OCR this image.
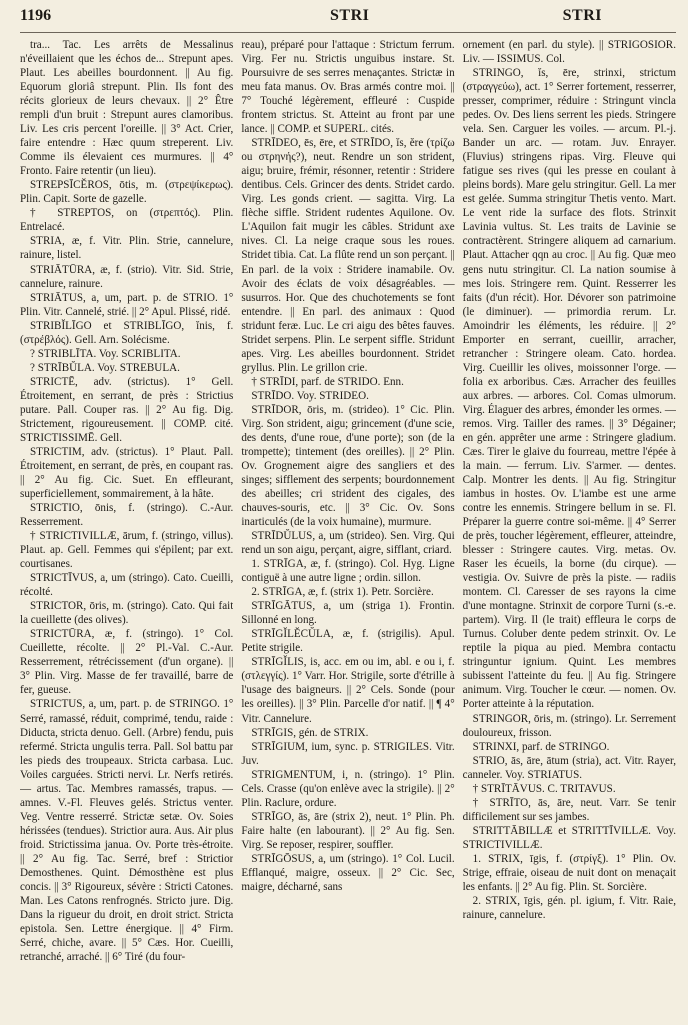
1196	STRI	STRI

tra... Tac. Les arrêts de Messalinus n'éveillaient que les échos de... Strepunt apes. Plaut. Les abeilles bourdonnent. || Au fig. Equorum gloriâ strepunt. Plin. Ils font des récits glorieux de leurs chevaux. || 2° Être rempli d'un bruit : Strepunt aures clamoribus. Liv. Les cris percent l'oreille. || 3° Act. Crier, faire entendre : Hæc quum streperent. Liv. Comme ils élevaient ces murmures. || 4° Fronto. Faire retentir (un lieu).

STREPSĪCĔROS, ōtis, m. (στρεψίκερως). Plin. Capit. Sorte de gazelle.

† STREPTOS, on (στρεπτός). Plin. Entrelacé.

STRIA, æ, f. Vitr. Plin. Strie, cannelure, rainure, listel.

STRIĀTŪRA, æ, f. (strio). Vitr. Sid. Strie, cannelure, rainure.

STRIĀTUS, a, um, part. p. de STRIO. 1° Plin. Vitr. Cannelé, strié. || 2° Apul. Plissé, ridé.

STRIBĬLĪGO et STRIBLĪGO, ĭnis, f. (στρέβλός). Gell. Arn. Solécisme.

? STRIBLĪTA. Voy. SCRIBLITA.

? STRĪBŬLA. Voy. STREBULA.

STRICTĒ, adv. (strictus). 1° Gell. Étroitement, en serrant, de près : Strictius putare. Pall. Couper ras. || 2° Au fig. Dig. Strictement, rigoureusement. || COMP. cité. STRICTISSIMĒ. Gell.

STRICTIM, adv. (strictus). 1° Plaut. Pall. Étroitement, en serrant, de près, en coupant ras. || 2° Au fig. Cic. Suet. En effleurant, superficiellement, sommairement, à la hâte.

STRICTIO, ōnis, f. (stringo). C.-Aur. Resserrement.

† STRICTIVILLÆ, ārum, f. (stringo, villus). Plaut. ap. Gell. Femmes qui s'épilent; par ext. courtisanes.

STRICTĪVUS, a, um (stringo). Cato. Cueilli, récolté.

STRICTOR, ōris, m. (stringo). Cato. Qui fait la cueillette (des olives).

STRICTŪRA, æ, f. (stringo). 1° Col. Cueillette, récolte. || 2° Pl.-Val. C.-Aur. Resserrement, rétrécissement (d'un organe). || 3° Plin. Virg. Masse de fer travaillé, barre de fer, gueuse.

STRICTUS, a, um, part. p. de STRINGO. 1° Serré, ramassé, réduit, comprimé, tendu, raide : Diducta, stricta denuo. Gell. (Arbre) fendu, puis refermé. Stricta ungulis terra. Pall. Sol battu par les pieds des troupeaux. Stricta carbasa. Luc. Voiles carguées. Stricti nervi. Lr. Nerfs retirés. — artus. Tac. Membres ramassés, trapus. — amnes. V.-Fl. Fleuves gelés. Strictus venter. Veg. Ventre resserré. Strictæ setæ. Ov. Soies hérissées (tendues). Strictior aura. Aus. Air plus froid. Strictissima janua. Ov. Porte très-étroite. || 2° Au fig. Tac. Serré, bref : Strictior Demosthenes. Quint. Démosthène est plus concis. || 3° Rigoureux, sévère : Stricti Catones. Man. Les Catons renfrognés. Stricto jure. Dig. Dans la rigueur du droit, en droit strict. Stricta epistola. Sen. Lettre énergique. || 4° Firm. Serré, chiche, avare. || 5° Cæs. Hor. Cueilli, retranché, arraché. || 6° Tiré (du four-

reau), préparé pour l'attaque : Strictum ferrum. Virg. Fer nu. Strictis unguibus instare. St. Poursuivre de ses serres menaçantes. Strictæ in meu fata manus. Ov. Bras armés contre moi. || 7° Touché légèrement, effleuré : Cuspide frontem strictus. St. Atteint au front par une lance. || COMP. et SUPERL. cités.

STRĪDEO, ēs, ēre, et STRĪDO, ĭs, ĕre (τρίζω ou στρηνής?), neut. Rendre un son strident, aigu; bruire, frémir, résonner, retentir : Stridere dentibus. Cels. Grincer des dents. Stridet cardo. Virg. Les gonds crient. — sagitta. Virg. La flèche siffle. Strident rudentes Aquilone. Ov. L'Aquilon fait mugir les câbles. Stridunt axe nives. Cl. La neige craque sous les roues. Stridet tibia. Cat. La flûte rend un son perçant. || En parl. de la voix : Stridere inamabile. Ov. Avoir des éclats de voix désagréables. — susurros. Hor. Que des chuchotements se font entendre. || En parl. des animaux : Quod stridunt feræ. Luc. Le cri aigu des bêtes fauves. Stridet serpens. Plin. Le serpent siffle. Stridunt apes. Virg. Les abeilles bourdonnent. Stridet gryllus. Plin. Le grillon crie.

† STRĪDI, parf. de STRIDO. Enn.

STRĪDO. Voy. STRIDEO.

STRĪDOR, ōris, m. (strideo). 1° Cic. Plin. Virg. Son strident, aigu; grincement (d'une scie, des dents, d'une roue, d'une porte); son (de la trompette); tintement (des oreilles). || 2° Plin. Ov. Grognement aigre des sangliers et des singes; sifflement des serpents; bourdonnement des abeilles; cri strident des cigales, des chauves-souris, etc. || 3° Cic. Ov. Sons inarticulés (de la voix humaine), murmure.

STRĪDŬLUS, a, um (strideo). Sen. Virg. Qui rend un son aigu, perçant, aigre, sifflant, criard.

1. STRĪGA, æ, f. (stringo). Col. Hyg. Ligne contiguë à une autre ligne ; ordin. sillon.

2. STRĪGA, æ, f. (strix 1). Petr. Sorcière.

STRĪGĀTUS, a, um (striga 1). Frontin. Sillonné en long.

STRĪGĬLĔCŬLA, æ, f. (strigilis). Apul. Petite strigile.

STRĪGĬLIS, is, acc. em ou im, abl. e ou i, f. (στλεγγίς). 1° Varr. Hor. Strigile, sorte d'étrille à l'usage des baigneurs. || 2° Cels. Sonde (pour les oreilles). || 3° Plin. Parcelle d'or natif. || ¶ 4° Vitr. Cannelure.

STRĪGIS, gén. de STRIX.

STRĪGIUM, ium, sync. p. STRIGILES. Vitr. Juv.

STRIGMENTUM, i, n. (stringo). 1° Plin. Cels. Crasse (qu'on enlève avec la strigile). || 2° Plin. Raclure, ordure.

STRĪGO, ās, āre (strix 2), neut. 1° Plin. Ph. Faire halte (en labourant). || 2° Au fig. Sen. Virg. Se reposer, respirer, souffler.

STRĪGŌSUS, a, um (stringo). 1° Col. Lucil. Efflanqué, maigre, osseux. || 2° Cic. Sec, maigre, décharné, sans

ornement (en parl. du style). || STRIGOSIOR. Liv. — ISSIMUS. Col.

STRINGO, ĭs, ēre, strinxi, strictum (στραγγεύω), act. 1° Serrer fortement, resserrer, presser, comprimer, réduire : Stringunt vincla pedes. Ov. Des liens serrent les pieds. Stringere vela. Sen. Carguer les voiles. — arcum. Pl.-j. Bander un arc. — rotam. Juv. Enrayer. (Fluvius) stringens ripas. Virg. Fleuve qui fatigue ses rives (qui les presse en coulant à pleins bords). Mare gelu stringitur. Gell. La mer est gelée. Summa stringitur Thetis vento. Mart. Le vent ride la surface des flots. Strinxit Lavinia vultus. St. Les traits de Lavinie se contractèrent. Stringere aliquem ad carnarium. Plaut. Attacher qqn au croc. || Au fig. Quæ meo gens nutu stringitur. Cl. La nation soumise à mes lois. Stringere rem. Quint. Resserrer les faits (d'un récit). Hor. Dévorer son patrimoine (le diminuer). — primordia rerum. Lr. Amoindrir les éléments, les réduire. || 2° Emporter en serrant, cueillir, arracher, retrancher : Stringere oleam. Cato. hordea. Virg. Cueillir les olives, moissonner l'orge. — folia ex arboribus. Cæs. Arracher des feuilles aux arbres. — arbores. Col. Comas ulmorum. Virg. Élaguer des arbres, émonder les ormes. — remos. Virg. Tailler des rames. || 3° Dégainer; en gén. apprêter une arme : Stringere gladium. Cæs. Tirer le glaive du fourreau, mettre l'épée à la main. — ferrum. Liv. S'armer. — dentes. Calp. Montrer les dents. || Au fig. Stringitur iambus in hostes. Ov. L'iambe est une arme contre les ennemis. Stringere bellum in se. Fl. Préparer la guerre contre soi-même. || 4° Serrer de près, toucher légèrement, effleurer, atteindre, blesser : Stringere cautes. Virg. metas. Ov. Raser les écueils, la borne (du cirque). — vestigia. Ov. Suivre de près la piste. — radiis montem. Cl. Caresser de ses rayons la cime d'une montagne. Strinxit de corpore Turni (s.-e. partem). Virg. Il (le trait) effleura le corps de Turnus. Coluber dente pedem strinxit. Ov. Le reptile la piqua au pied. Membra contactu stringuntur ignium. Quint. Les membres subissent l'atteinte du feu. || Au fig. Stringere animum. Virg. Toucher le cœur. — nomen. Ov. Porter atteinte à la réputation.

STRINGOR, ōris, m. (stringo). Lr. Serrement douloureux, frisson.

STRINXI, parf. de STRINGO.

STRIO, ās, āre, ātum (stria), act. Vitr. Rayer, canneler. Voy. STRIATUS.

† STRĪTĀVUS. C. TRITAVUS.

† STRĪTO, ās, āre, neut. Varr. Se tenir difficilement sur ses jambes.

STRITTĀBILLÆ et STRITTĪVILLÆ. Voy. STRICTIVILLÆ.

1. STRIX, īgis, f. (στρίγξ). 1° Plin. Ov. Strige, effraie, oiseau de nuit dont on menaçait les enfants. || 2° Au fig. Plin. St. Sorcière.

2. STRIX, īgis, gén. pl. igium, f. Vitr. Raie, rainure, cannelure.
